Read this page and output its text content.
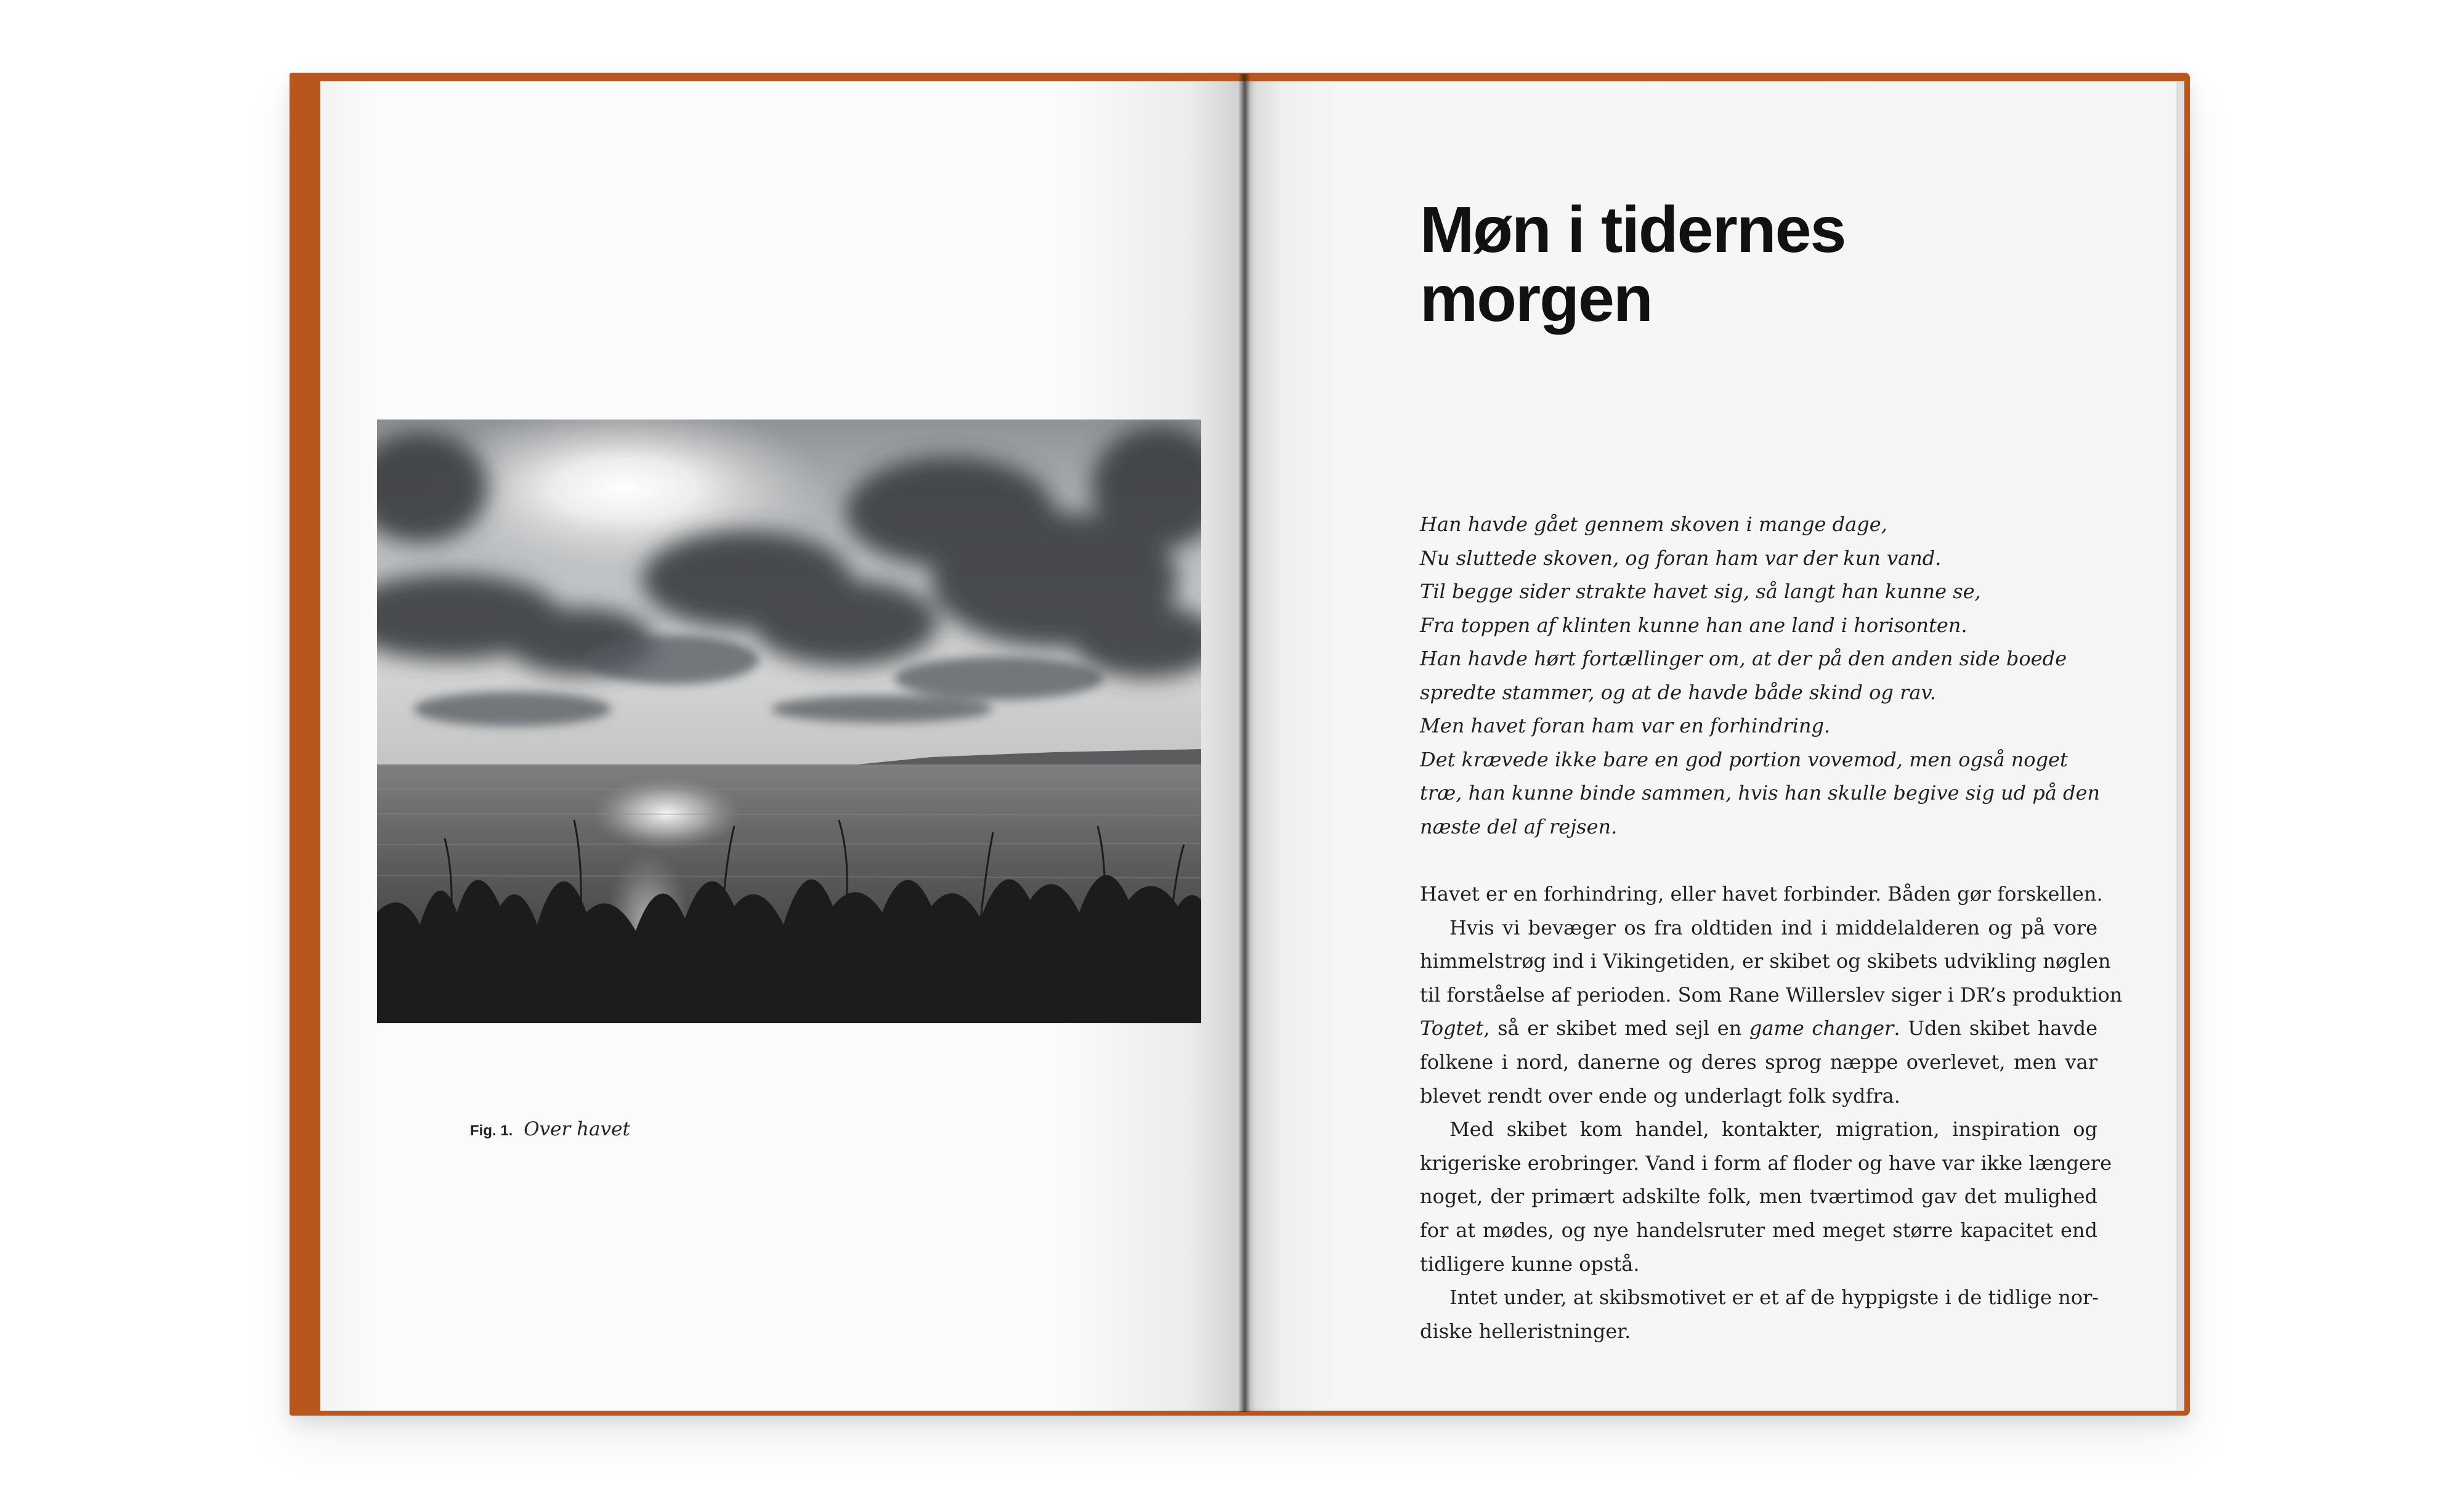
Fig. 1. Over havet
Møn i tidernes
morgen
Han havde gået gennem skoven i mange dage,
Nu sluttede skoven, og foran ham var der kun vand.
Til begge sider strakte havet sig, så langt han kunne se,
Fra toppen af klinten kunne han ane land i horisonten.
Han havde hørt fortællinger om, at der på den anden side boede
spredte stammer, og at de havde både skind og rav.
Men havet foran ham var en forhindring.
Det krævede ikke bare en god portion vovemod, men også noget
træ, han kunne binde sammen, hvis han skulle begive sig ud på den
næste del af rejsen.
Havet er en forhindring, eller havet forbinder. Båden gør forskellen.
Hvis vi bevæger os fra oldtiden ind i middelalderen og på vore
himmelstrøg ind i Vikingetiden, er skibet og skibets udvikling nøglen
til forståelse af perioden. Som Rane Willerslev siger i DR’s produktion
Togtet, så er skibet med sejl en game changer. Uden skibet havde
folkene i nord, danerne og deres sprog næppe overlevet, men var
blevet rendt over ende og underlagt folk sydfra.
Med skibet kom handel, kontakter, migration, inspiration og
krigeriske erobringer. Vand i form af floder og have var ikke længere
noget, der primært adskilte folk, men tværtimod gav det mulighed
for at mødes, og nye handelsruter med meget større kapacitet end
tidligere kunne opstå.
Intet under, at skibsmotivet er et af de hyppigste i de tidlige nor-
diske helleristninger.
